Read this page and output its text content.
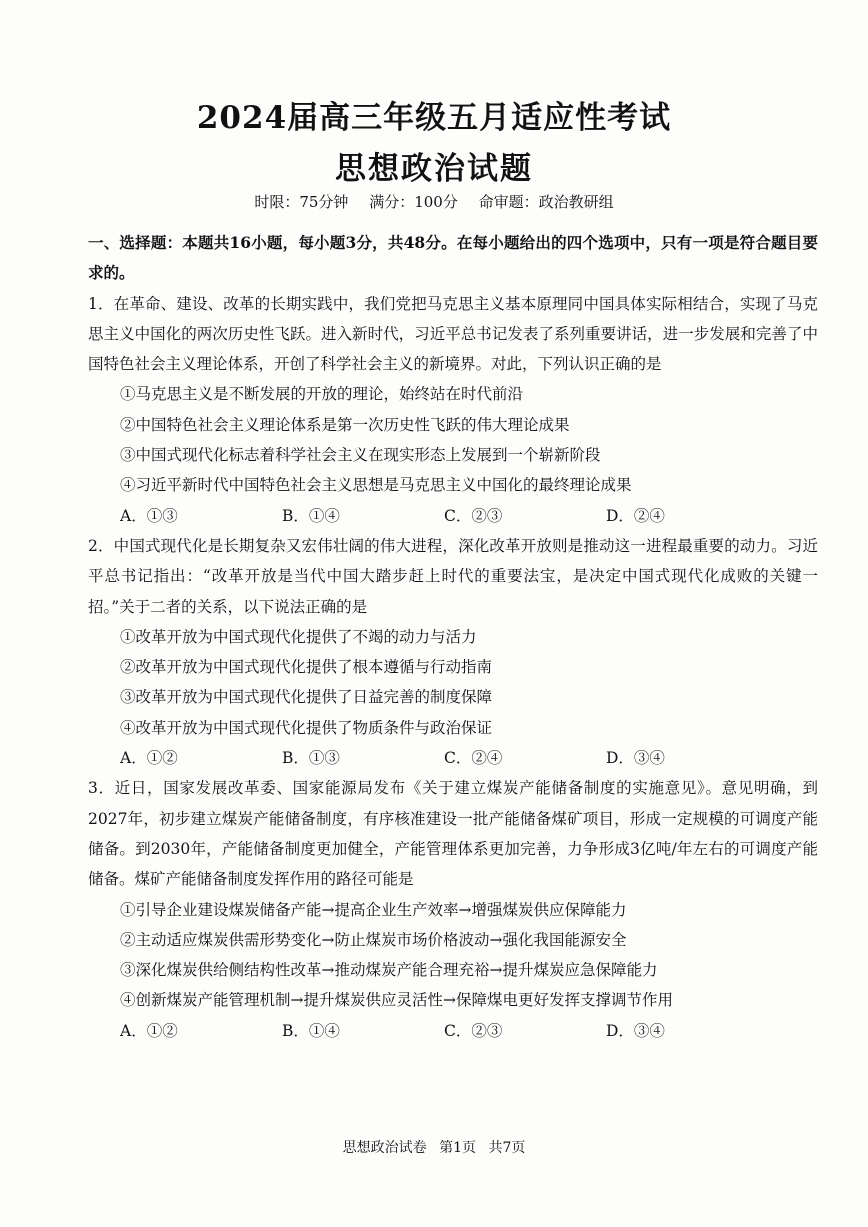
2024届高三年级五月适应性考试
思想政治试题
时限：75分钟 满分：100分 命审题：政治教研组
一、选择题：本题共16小题，每小题3分，共48分。在每小题给出的四个选项中，只有一项是符合题目要求的。
1．在革命、建设、改革的长期实践中，我们党把马克思主义基本原理同中国具体实际相结合，实现了马克思主义中国化的两次历史性飞跃。进入新时代，习近平总书记发表了系列重要讲话，进一步发展和完善了中国特色社会主义理论体系，开创了科学社会主义的新境界。对此，下列认识正确的是
①马克思主义是不断发展的开放的理论，始终站在时代前沿
②中国特色社会主义理论体系是第一次历史性飞跃的伟大理论成果
③中国式现代化标志着科学社会主义在现实形态上发展到一个崭新阶段
④习近平新时代中国特色社会主义思想是马克思主义中国化的最终理论成果
A．①③	B．①④	C．②③	D．②④
2．中国式现代化是长期复杂又宏伟壮阔的伟大进程，深化改革开放则是推动这一进程最重要的动力。习近平总书记指出：“改革开放是当代中国大踏步赶上时代的重要法宝，是决定中国式现代化成败的关键一招。”关于二者的关系，以下说法正确的是
①改革开放为中国式现代化提供了不竭的动力与活力
②改革开放为中国式现代化提供了根本遵循与行动指南
③改革开放为中国式现代化提供了日益完善的制度保障
④改革开放为中国式现代化提供了物质条件与政治保证
A．①②	B．①③	C．②④	D．③④
3．近日，国家发展改革委、国家能源局发布《关于建立煤炭产能储备制度的实施意见》。意见明确，到2027年，初步建立煤炭产能储备制度，有序核准建设一批产能储备煤矿项目，形成一定规模的可调度产能储备。到2030年，产能储备制度更加健全，产能管理体系更加完善，力争形成3亿吨/年左右的可调度产能储备。煤矿产能储备制度发挥作用的路径可能是
①引导企业建设煤炭储备产能→提高企业生产效率→增强煤炭供应保障能力
②主动适应煤炭供需形势变化→防止煤炭市场价格波动→强化我国能源安全
③深化煤炭供给侧结构性改革→推动煤炭产能合理充裕→提升煤炭应急保障能力
④创新煤炭产能管理机制→提升煤炭供应灵活性→保障煤电更好发挥支撑调节作用
A．①②	B．①④	C．②③	D．③④
思想政治试卷 第1页 共7页
